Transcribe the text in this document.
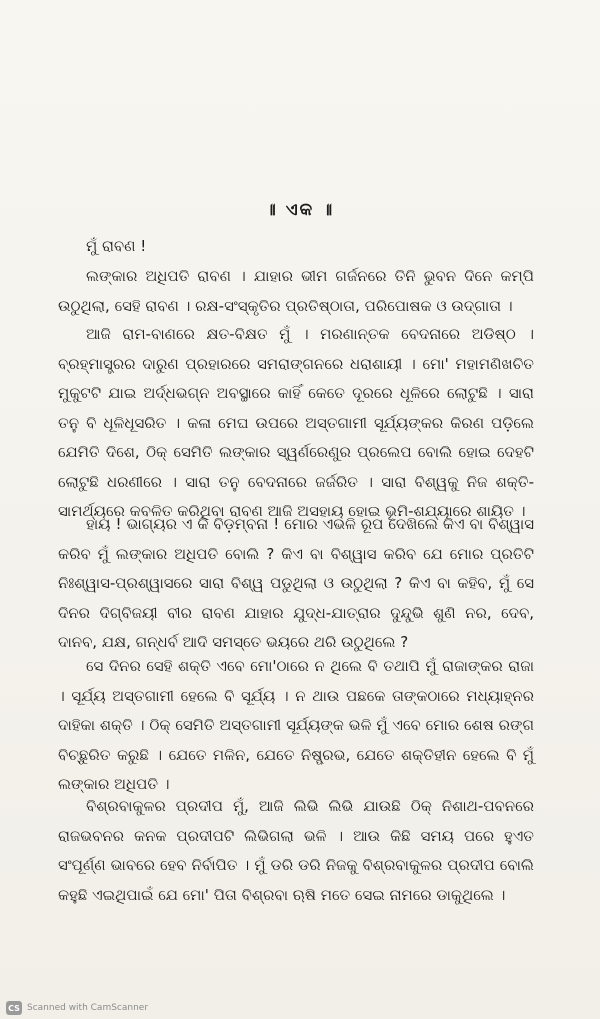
॥ ଏକ ॥

ମୁଁ ରାବଣ !

ଲଙ୍କାର ଅଧିପତି ରାବଣ । ଯାହାର ଭୀମ ଗର୍ଜନରେ ତିନି ଭୁବନ ଦିନେ କମ୍ପି ଉଠୁଥିଲା, ସେହି ରାବଣ । ରକ୍ଷ-ସଂସ୍କୃତିର ପ୍ରତିଷ୍ଠାତା, ପରିପୋଷକ ଓ ଉଦ୍‌ଗାତା ।

ଆଜି ରାମ-ବାଣରେ କ୍ଷତ-ବିକ୍ଷତ ମୁଁ । ମରଣାନ୍ତକ ବେଦନାରେ ଅଡିଷ୍ଠ । ବ୍ରହ୍ମାସ୍ତ୍ରର ଦାରୁଣ ପ୍ରହାରରେ ସମରାଙ୍ଗନରେ ଧରାଶାୟୀ । ମୋ' ମହାମଣିଖଚିତ ମୁକୁଟଟି ଯାଇ ଅର୍ଦ୍ଧଭଗ୍ନ ଅବସ୍ଥାରେ କାହିଁ କେତେ ଦୂରରେ ଧୂଳିରେ ଲୋଟୁଛି । ସାରା ତନୁ ବି ଧୂଳିଧୂସରିତ । କଳା ମେଘ ଉପରେ ଅସ୍ତଗାମୀ ସୂର୍ଯ୍ୟଙ୍କର କିରଣ ପଡ଼ିଲେ ଯେମିତି ଦିଶେ, ଠିକ୍ ସେମିତି ଲଙ୍କାର ସ୍ୱର୍ଣରେଣୁର ପ୍ରଲେପ ବୋଲି ହୋଇ ଦେହଟି ଲୋଟୁଛି ଧରଣୀରେ । ସାରା ତନୁ ବେଦନାରେ ଜର୍ଜରିତ । ସାରା ବିଶ୍ୱକୁ ନିଜ ଶକ୍ତି-ସାମର୍ଥ୍ୟରେ କବଳିତ କରିଥିବା ରାବଣ ଆଜି ଅସହାୟ ହୋଇ ଭୂମି-ଶଯ୍ୟାରେ ଶାୟିତ ।

ହାୟ ! ଭାଗ୍ୟର ଏ କି ବିଡ଼ମ୍ବନା ! ମୋର ଏଭଳି ରୂପ ଦେଖିଲେ କିଏ ବା ବିଶ୍ୱାସ କରିବ ମୁଁ ଲଙ୍କାର ଅଧିପତି ବୋଲି ? କିଏ ବା ବିଶ୍ୱାସ କରିବ ଯେ ମୋର ପ୍ରତିଟି ନିଃଶ୍ୱାସ-ପ୍ରଶ୍ୱାସରେ ସାରା ବିଶ୍ୱ ପଡୁଥିଲା ଓ ଉଠୁଥିଲା ? କିଏ ବା କହିବ, ମୁଁ ସେ ଦିନର ଦିଗ୍‌ବିଜୟୀ ବୀର ରାବଣ ଯାହାର ଯୁଦ୍ଧ-ଯାତ୍ରାର ଦୁନ୍ଦୁଭି ଶୁଣି ନର, ଦେବ, ଦାନବ, ଯକ୍ଷ, ଗନ୍ଧର୍ବ ଆଦି ସମସ୍ତେ ଭୟରେ ଥରି ଉଠୁଥିଲେ ?

ସେ ଦିନର ସେହି ଶକ୍ତି ଏବେ ମୋ'ଠାରେ ନ ଥିଲେ ବି ତଥାପି ମୁଁ ରାଜାଙ୍କର ରାଜା । ସୂର୍ଯ୍ୟ ଅସ୍ତଗାମୀ ହେଲେ ବି ସୂର୍ଯ୍ୟ । ନ ଥାଉ ପଛକେ ତାଙ୍କଠାରେ ମଧ୍ୟାହ୍ନର ଦାହିକା ଶକ୍ତି । ଠିକ୍ ସେମିତି ଅସ୍ତଗାମୀ ସୂର୍ଯ୍ୟଙ୍କ ଭଳି ମୁଁ ଏବେ ମୋର ଶେଷ ରଙ୍ଗ ବିଚ୍ଛୁରିତ କରୁଛି । ଯେତେ ମଳିନ, ଯେତେ ନିଷ୍ପ୍ରଭ, ଯେତେ ଶକ୍ତିହୀନ ହେଲେ ବି ମୁଁ ଲଙ୍କାର ଅଧିପତି ।

ବିଶ୍ରବାକୁଳର ପ୍ରଦୀପ ମୁଁ, ଆଜି ଲିଭି ଲିଭି ଯାଉଛି ଠିକ୍ ନିଶାଥ-ପବନରେ ରାଜଭବନର କନକ ପ୍ରଦୀପଟି ଲିଭିଗଲା ଭଳି । ଆଉ କିଛି ସମୟ ପରେ ହୁଏତ ସଂପୂର୍ଣ୍ଣ ଭାବରେ ହେବ ନିର୍ବାପିତ । ମୁଁ ଡରି ଡରି ନିଜକୁ ବିଶ୍ରବାକୁଳର ପ୍ରଦୀପ ବୋଲି କହୁଛି ଏଇଥିପାଇଁ ଯେ ମୋ' ପିତା ବିଶ୍ରବା ଋଷି ମତେ ସେଇ ନାମରେ ଡାକୁଥିଲେ ।

CS Scanned with CamScanner
